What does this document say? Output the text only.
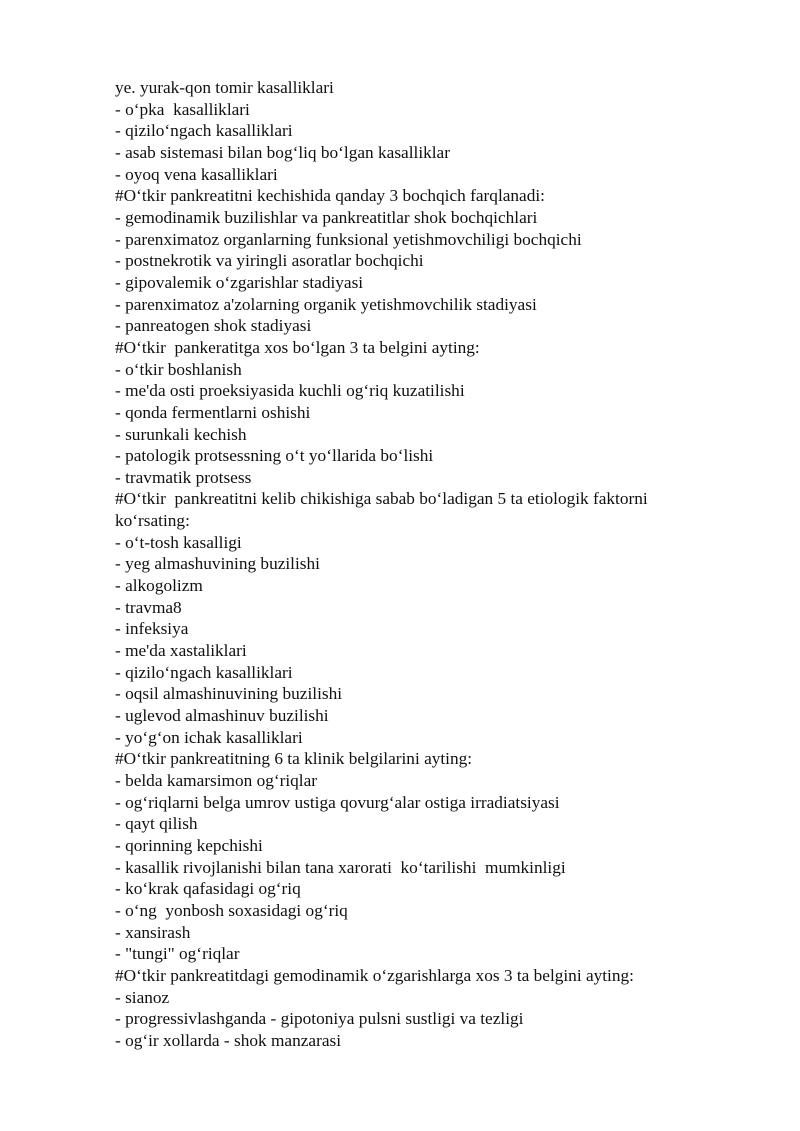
ye. yurak-qon tomir kasalliklari

- o‘pka  kasalliklari

- qizilo‘ngach kasalliklari

- asab sistemasi bilan bog‘liq bo‘lgan kasalliklar

- oyoq vena kasalliklari

#O‘tkir pankreatitni kechishida qanday 3 bochqich farqlanadi:

- gemodinamik buzilishlar va pankreatitlar shok bochqichlari

- parenximatoz organlarning funksional yetishmovchiligi bochqichi

- postnekrotik va yiringli asoratlar bochqichi

- gipovalemik o‘zgarishlar stadiyasi

- parenximatoz a'zolarning organik yetishmovchilik stadiyasi

- panreatogen shok stadiyasi

#O‘tkir  pankeratitga xos bo‘lgan 3 ta belgini ayting:

- o‘tkir boshlanish

- me'da osti proeksiyasida kuchli og‘riq kuzatilishi

- qonda fermentlarni oshishi

- surunkali kechish

- patologik protsessning o‘t yo‘llarida bo‘lishi

- travmatik protsess

#O‘tkir  pankreatitni kelib chikishiga sabab bo‘ladigan 5 ta etiologik faktorni ko‘rsating:

- o‘t-tosh kasalligi

- yeg almashuvining buzilishi

- alkogolizm

- travma8

- infeksiya

- me'da xastaliklari

- qizilo‘ngach kasalliklari

- oqsil almashinuvining buzilishi

- uglevod almashinuv buzilishi

- yo‘g‘on ichak kasalliklari

#O‘tkir pankreatitning 6 ta klinik belgilarini ayting:

- belda kamarsimon og‘riqlar

- og‘riqlarni belga umrov ustiga qovurg‘alar ostiga irradiatsiyasi

- qayt qilish

- qorinning kepchishi

- kasallik rivojlanishi bilan tana xarorati  ko‘tarilishi  mumkinligi

- ko‘krak qafasidagi og‘riq

- o‘ng  yonbosh soxasidagi og‘riq

- xansirash

- "tungi" og‘riqlar

#O‘tkir pankreatitdagi gemodinamik o‘zgarishlarga xos 3 ta belgini ayting:

- sianoz

- progressivlashganda - gipotoniya pulsni sustligi va tezligi

- og‘ir xollarda - shok manzarasi
